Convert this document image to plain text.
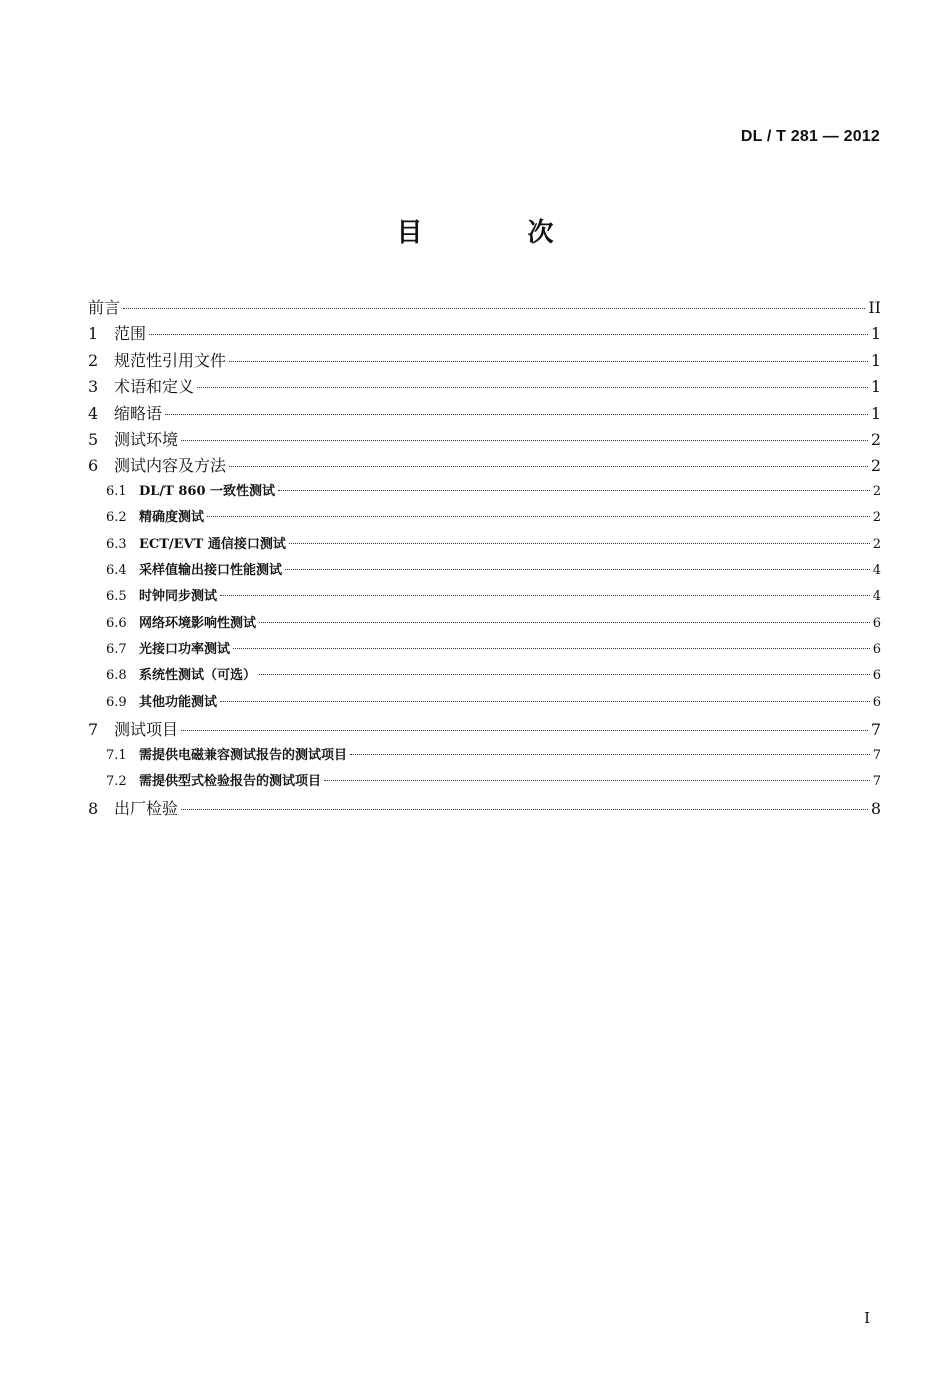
DL / T 281 — 2012
目 次
前言	II
1 范围	1
2 规范性引用文件	1
3 术语和定义	1
4 缩略语	1
5 测试环境	2
6 测试内容及方法	2
6.1 DL/T 860 一致性测试	2
6.2 精确度测试	2
6.3 ECT/EVT 通信接口测试	2
6.4 采样值输出接口性能测试	4
6.5 时钟同步测试	4
6.6 网络环境影响性测试	6
6.7 光接口功率测试	6
6.8 系统性测试（可选）	6
6.9 其他功能测试	6
7 测试项目	7
7.1 需提供电磁兼容测试报告的测试项目	7
7.2 需提供型式检验报告的测试项目	7
8 出厂检验	8
I
